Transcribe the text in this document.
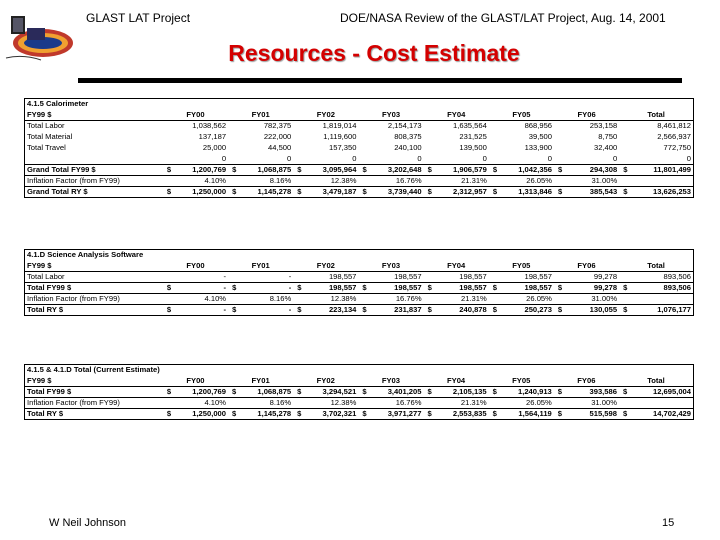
GLAST LAT Project	DOE/NASA Review of the GLAST/LAT Project, Aug. 14, 2001
Resources - Cost Estimate
4.1.5 Calorimeter																
FY99 $	FY00		FY01		FY02		FY03		FY04		FY05		FY06		Total	
Total Labor		1,038,562		782,375		1,819,014		2,154,173		1,635,564		868,956		253,158		8,461,812
Total Material		137,187		222,000		1,119,600		808,375		231,525		39,500		8,750		2,566,937
Total Travel		25,000		44,500		157,350		240,100		139,500		133,900		32,400		772,750
		0		0		0		0		0		0		0		0
Grand Total FY99 $	$	1,200,769	$	1,068,875	$	3,095,964	$	3,202,648	$	1,906,579	$	1,042,356	$	294,308	$	11,801,499
Inflation Factor (from FY99)		4.10%		8.16%		12.38%		16.76%		21.31%		26.05%		31.00%		
Grand Total RY $	$	1,250,000	$	1,145,278	$	3,479,187	$	3,739,440	$	2,312,957	$	1,313,846	$	385,543	$	13,626,253
4.1.D Science Analysis Software																
FY99 $	FY00		FY01		FY02		FY03		FY04		FY05		FY06		Total	
Total Labor		-		-		198,557		198,557		198,557		198,557		99,278		893,506
Total FY99 $	$	-	$	-	$	198,557	$	198,557	$	198,557	$	198,557	$	99,278	$	893,506
Inflation Factor (from FY99)		4.10%		8.16%		12.38%		16.76%		21.31%		26.05%		31.00%		
Total RY $	$	-	$	-	$	223,134	$	231,837	$	240,878	$	250,273	$	130,055	$	1,076,177
4.1.5 & 4.1.D Total (Current Estimate)																
FY99 $	FY00		FY01		FY02		FY03		FY04		FY05		FY06		Total	
Total FY99 $	$	1,200,769	$	1,068,875	$	3,294,521	$	3,401,205	$	2,105,135	$	1,240,913	$	393,586	$	12,695,004
Inflation Factor (from FY99)		4.10%		8.16%		12.38%		16.76%		21.31%		26.05%		31.00%		
Total RY $	$	1,250,000	$	1,145,278	$	3,702,321	$	3,971,277	$	2,553,835	$	1,564,119	$	515,598	$	14,702,429
W Neil Johnson	15
